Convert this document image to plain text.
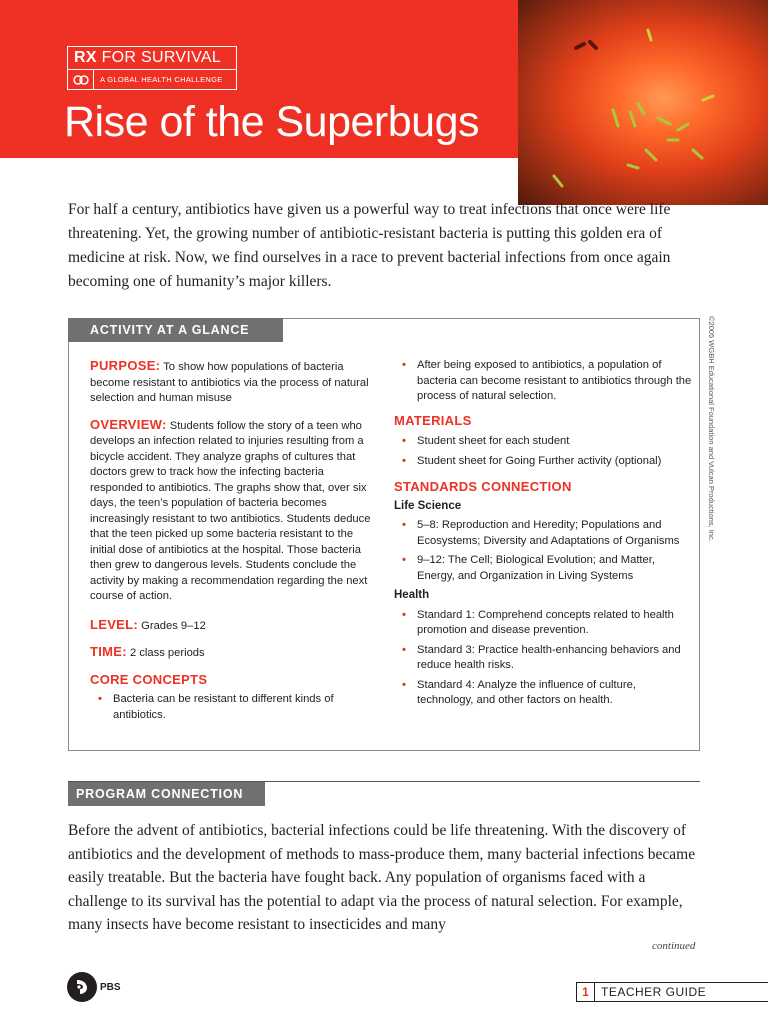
RX FOR SURVIVAL
A GLOBAL HEALTH CHALLENGE
Rise of the Superbugs

For half a century, antibiotics have given us a powerful way to treat infections that once were life threatening. Yet, the growing number of antibiotic-resistant bacteria is putting this golden era of medicine at risk. Now, we find ourselves in a race to prevent bacterial infections from once again becoming one of humanity’s major killers.

ACTIVITY AT A GLANCE	©2005 WGBH Educational Foundation and Vulcan Productions, Inc.
PURPOSE: To show how populations of bacteria become resistant to antibiotics via the process of natural selection and human misuse
OVERVIEW: Students follow the story of a teen who develops an infection related to injuries resulting from a bicycle accident. They analyze graphs of cultures that doctors grew to track how the infecting bacteria responded to antibiotics. The graphs show that, over six days, the teen’s population of bacteria becomes increasingly resistant to two antibiotics. Students deduce that the teen picked up some bacteria resistant to the initial dose of antibiotics at the hospital. Those bacteria then grew to dangerous levels. Students conclude the activity by making a recommendation regarding the next course of action.
LEVEL: Grades 9–12
TIME: 2 class periods
CORE CONCEPTS
• Bacteria can be resistant to different kinds of antibiotics.
• After being exposed to antibiotics, a population of bacteria can become resistant to antibiotics through the process of natural selection.
MATERIALS
• Student sheet for each student
• Student sheet for Going Further activity (optional)
STANDARDS CONNECTION
Life Science
• 5–8: Reproduction and Heredity; Populations and Ecosystems; Diversity and Adaptations of Organisms
• 9–12: The Cell; Biological Evolution; and Matter, Energy, and Organization in Living Systems
Health
• Standard 1: Comprehend concepts related to health promotion and disease prevention.
• Standard 3: Practice health-enhancing behaviors and reduce health risks.
• Standard 4: Analyze the influence of culture, technology, and other factors on health.
PROGRAM CONNECTION

Before the advent of antibiotics, bacterial infections could be life threatening. With the discovery of antibiotics and the development of methods to mass-produce them, many bacterial infections became easily treatable. But the bacteria have fought back. Any population of organisms faced with a challenge to its survival has the potential to adapt via the process of natural selection. For example, many insects have become resistant to insecticides and many

continued
PBS	1	TEACHER GUIDE
